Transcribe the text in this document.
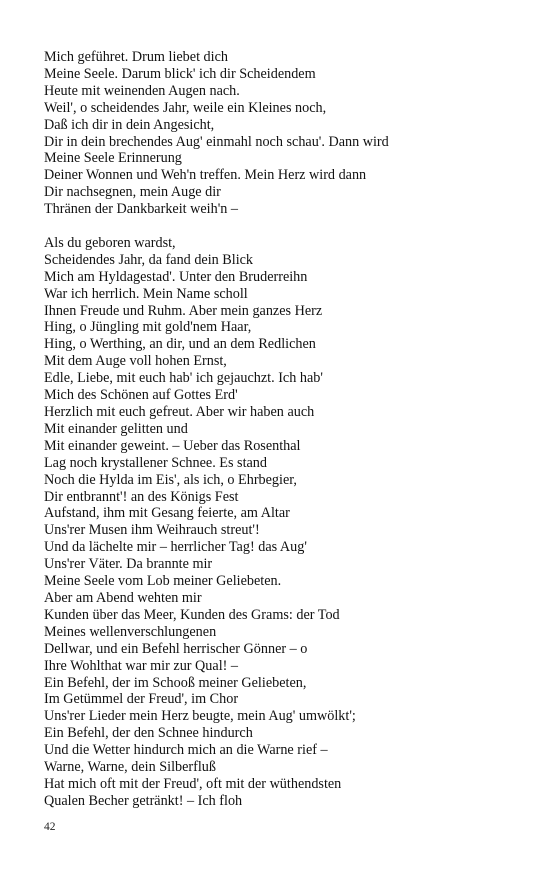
Mich geführet. Drum liebet dich
Meine Seele. Darum blick' ich dir Scheidendem
Heute mit weinenden Augen nach.
Weil', o scheidendes Jahr, weile ein Kleines noch,
Daß ich dir in dein Angesicht,
Dir in dein brechendes Aug' einmahl noch schau'. Dann wird
Meine Seele Erinnerung
Deiner Wonnen und Weh'n treffen. Mein Herz wird dann
Dir nachsegnen, mein Auge dir
Thränen der Dankbarkeit weih'n –
Als du geboren wardst,
Scheidendes Jahr, da fand dein Blick
Mich am Hyldagestad'. Unter den Bruderreihn
War ich herrlich. Mein Name scholl
Ihnen Freude und Ruhm. Aber mein ganzes Herz
Hing, o Jüngling mit gold'nem Haar,
Hing, o Werthing, an dir, und an dem Redlichen
Mit dem Auge voll hohen Ernst,
Edle, Liebe, mit euch hab' ich gejauchzt. Ich hab'
Mich des Schönen auf Gottes Erd'
Herzlich mit euch gefreut. Aber wir haben auch
Mit einander gelitten und
Mit einander geweint. – Ueber das Rosenthal
Lag noch krystallener Schnee. Es stand
Noch die Hylda im Eis', als ich, o Ehrbegier,
Dir entbrannt'! an des Königs Fest
Aufstand, ihm mit Gesang feierte, am Altar
Uns'rer Musen ihm Weihrauch streut'!
Und da lächelte mir – herrlicher Tag! das Aug'
Uns'rer Väter. Da brannte mir
Meine Seele vom Lob meiner Geliebeten.
Aber am Abend wehten mir
Kunden über das Meer, Kunden des Grams: der Tod
Meines wellenverschlungenen
Dellwar, und ein Befehl herrischer Gönner – o
Ihre Wohlthat war mir zur Qual! –
Ein Befehl, der im Schooß meiner Geliebeten,
Im Getümmel der Freud', im Chor
Uns'rer Lieder mein Herz beugte, mein Aug' umwölkt';
Ein Befehl, der den Schnee hindurch
Und die Wetter hindurch mich an die Warne rief –
Warne, Warne, dein Silberfluß
Hat mich oft mit der Freud', oft mit der wüthendsten
Qualen Becher getränkt! – Ich floh
42
